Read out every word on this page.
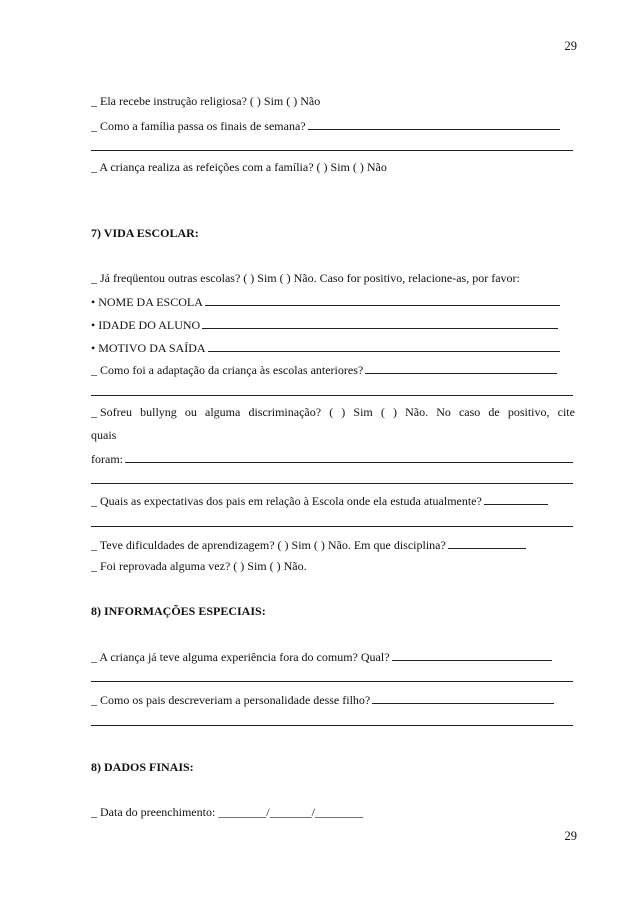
29
_ Ela recebe instrução religiosa? ( ) Sim ( ) Não
_ Como a família passa os finais de semana?
_ A criança realiza as refeições com a família? ( ) Sim ( ) Não
7) VIDA ESCOLAR:
_ Já freqüentou outras escolas? ( ) Sim ( ) Não. Caso for positivo, relacione-as, por favor:
• NOME DA ESCOLA
• IDADE DO ALUNO
• MOTIVO DA SAÍDA
_ Como foi a adaptação da criança às escolas anteriores?
_ Sofreu bullyng ou alguma discriminação? ( ) Sim ( ) Não. No caso de positivo, cite
quais
foram:
_ Quais as expectativas dos pais em relação à Escola onde ela estuda atualmente?
_ Teve dificuldades de aprendizagem? ( ) Sim ( ) Não. Em que disciplina?
_ Foi reprovada alguma vez? ( ) Sim ( ) Não.
8) INFORMAÇÕES ESPECIAIS:
_ A criança já teve alguma experiência fora do comum? Qual?
_ Como os pais descreveriam a personalidade desse filho?
8) DADOS FINAIS:
_ Data do preenchimento: ________/_______/________
29
